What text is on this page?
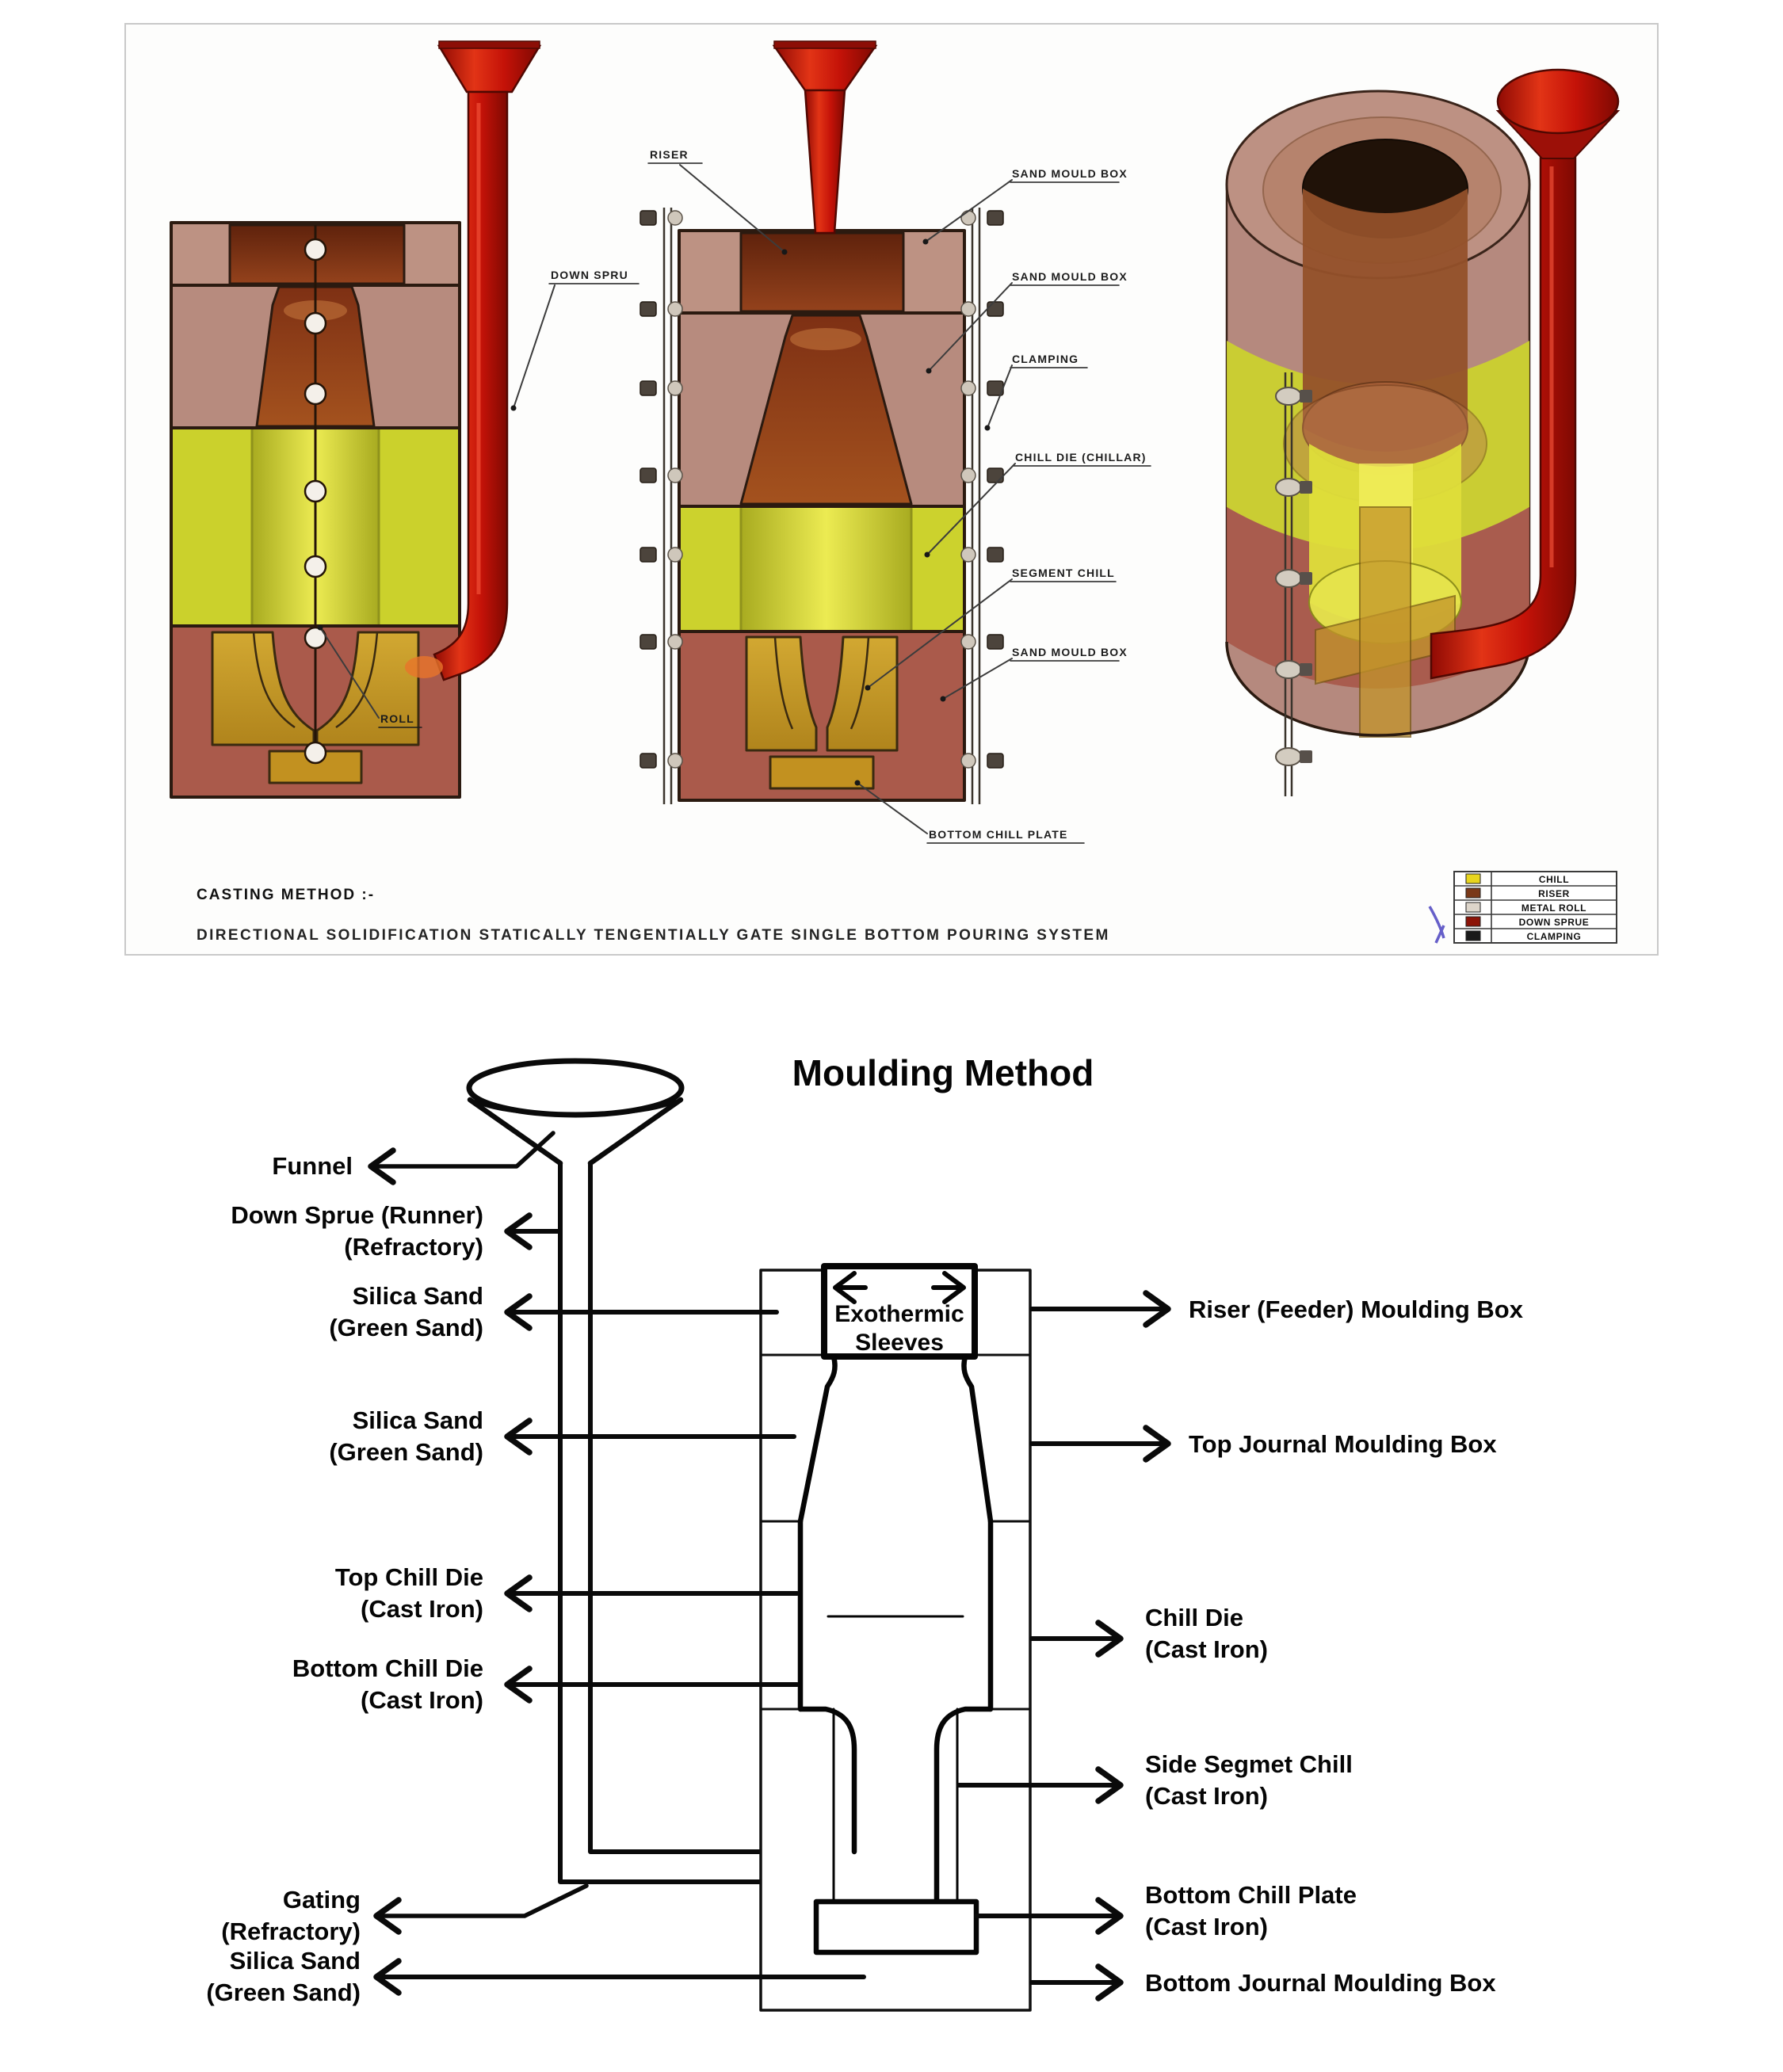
RISER
DOWN SPRU
ROLL
SAND MOULD BOX
SAND MOULD BOX
CLAMPING
CHILL DIE (CHILLAR)
SEGMENT CHILL
SAND MOULD BOX
BOTTOM CHILL PLATE
CASTING METHOD :-
DIRECTIONAL SOLIDIFICATION STATICALLY TENGENTIALLY GATE SINGLE BOTTOM POURING SYSTEM
CHILL
RISER
METAL ROLL
DOWN SPRUE
CLAMPING
Moulding Method
Exothermic
Sleeves
Funnel
Down Sprue (Runner)
(Refractory)
Silica Sand
(Green Sand)
Silica Sand
(Green Sand)
Top Chill Die
(Cast Iron)
Bottom Chill Die
(Cast Iron)
Gating
(Refractory)
Silica Sand
(Green Sand)
Riser (Feeder) Moulding Box
Top Journal Moulding Box
Chill Die
(Cast Iron)
Side Segmet Chill
(Cast Iron)
Bottom Chill Plate
(Cast Iron)
Bottom Journal Moulding Box
